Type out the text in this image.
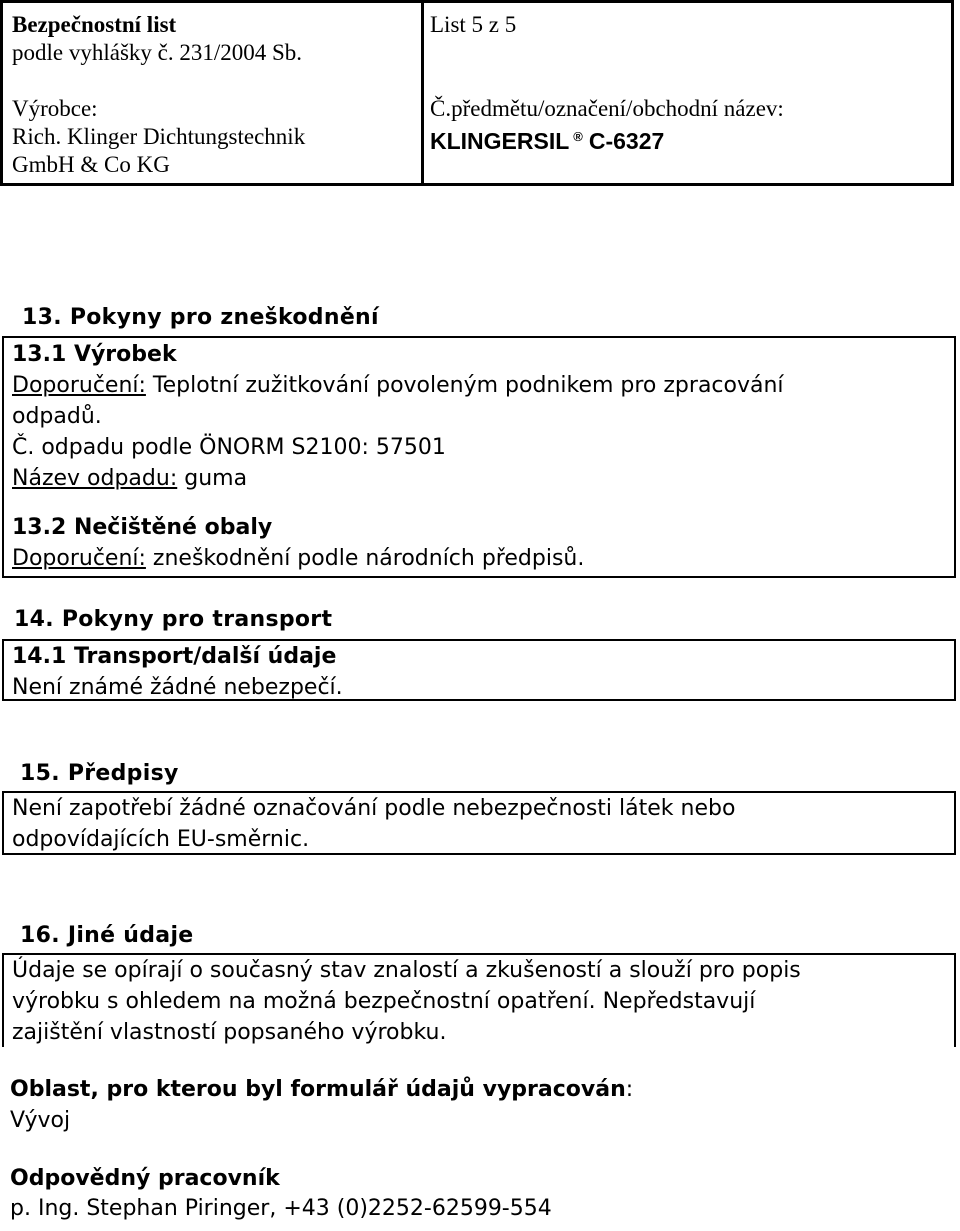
Bezpečnostní list
podle vyhlášky č. 231/2004 Sb.
Výrobce:
Rich. Klinger Dichtungstechnik
GmbH & Co KG
List 5 z 5
Č.předmětu/označení/obchodní název:
KLINGERSIL ® C-6327
13. Pokyny pro zneškodnění
13.1 Výrobek
Doporučení: Teplotní zužitkování povoleným podnikem pro zpracování
odpadů.
Č. odpadu podle ÖNORM S2100: 57501
Název odpadu: guma
13.2 Nečištěné obaly
Doporučení: zneškodnění podle národních předpisů.
14. Pokyny pro transport
14.1 Transport/další údaje
Není známé žádné nebezpečí.
15. Předpisy
Není zapotřebí žádné označování podle nebezpečnosti látek nebo
odpovídajících EU-směrnic.
16. Jiné údaje
Údaje se opírají o současný stav znalostí a zkušeností a slouží pro popis
výrobku s ohledem na možná bezpečnostní opatření. Nepředstavují
zajištění vlastností popsaného výrobku.
Oblast, pro kterou byl formulář údajů vypracován:
Vývoj
Odpovědný pracovník
p. Ing. Stephan Piringer, +43 (0)2252-62599-554
